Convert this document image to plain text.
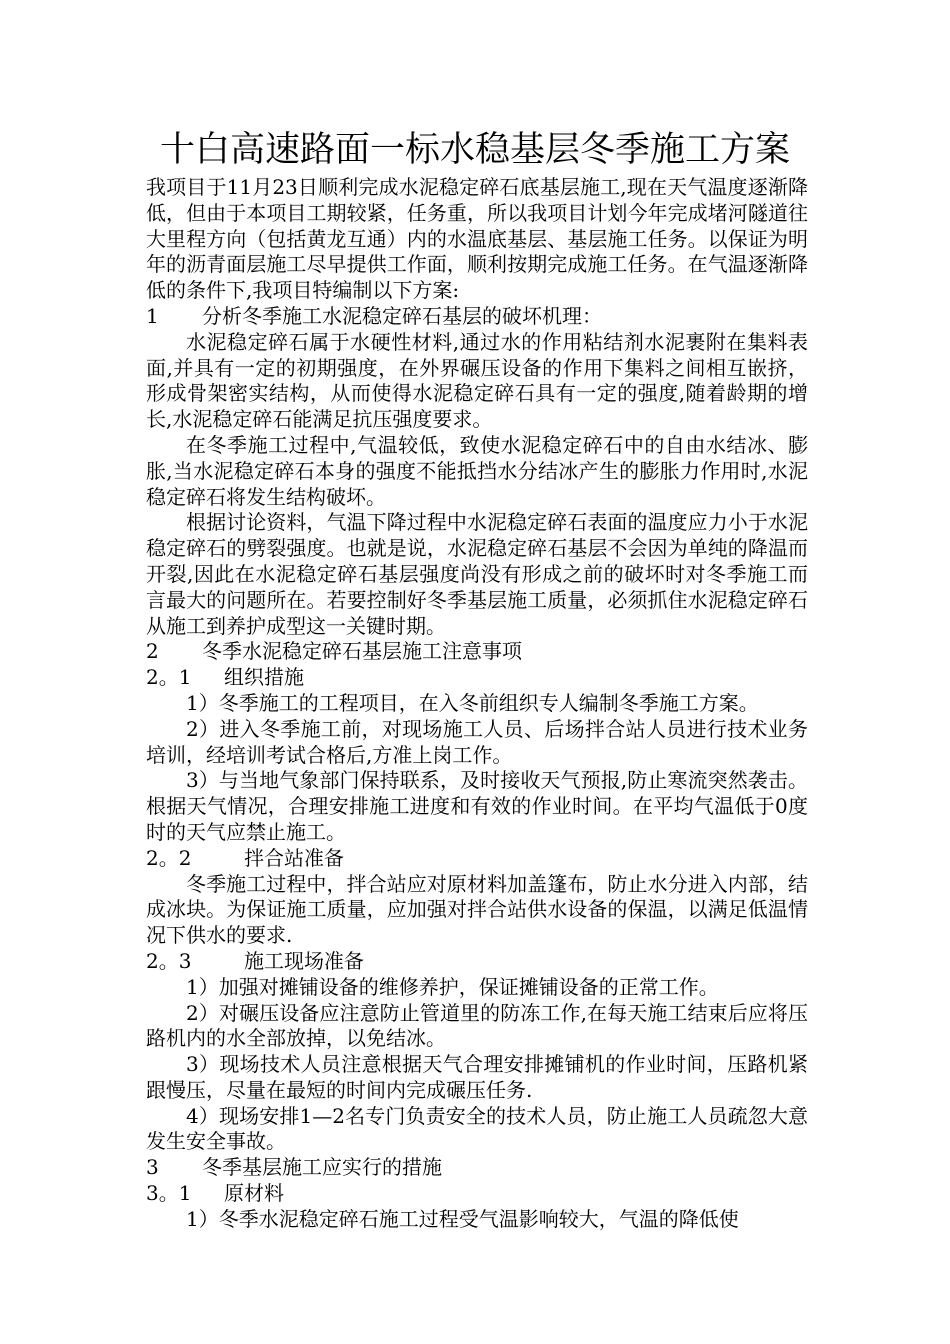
十白高速路面一标水稳基层冬季施工方案

我项目于11月23日顺利完成水泥稳定碎石底基层施工,现在天气温度逐渐降低，但由于本项目工期较紧，任务重，所以我项目计划今年完成堵河隧道往大里程方向（包括黄龙互通）内的水温底基层、基层施工任务。以保证为明年的沥青面层施工尽早提供工作面，顺利按期完成施工任务。在气温逐渐降低的条件下,我项目特编制以下方案:

1	分析冬季施工水泥稳定碎石基层的破坏机理：

水泥稳定碎石属于水硬性材料,通过水的作用粘结剂水泥裹附在集料表面,并具有一定的初期强度，在外界碾压设备的作用下集料之间相互嵌挤，形成骨架密实结构，从而使得水泥稳定碎石具有一定的强度,随着龄期的增长,水泥稳定碎石能满足抗压强度要求。

在冬季施工过程中,气温较低，致使水泥稳定碎石中的自由水结冰、膨胀,当水泥稳定碎石本身的强度不能抵挡水分结冰产生的膨胀力作用时,水泥稳定碎石将发生结构破坏。

根据讨论资料，气温下降过程中水泥稳定碎石表面的温度应力小于水泥稳定碎石的劈裂强度。也就是说，水泥稳定碎石基层不会因为单纯的降温而开裂,因此在水泥稳定碎石基层强度尚没有形成之前的破坏时对冬季施工而言最大的问题所在。若要控制好冬季基层施工质量，必须抓住水泥稳定碎石从施工到养护成型这一关键时期。

2	冬季水泥稳定碎石基层施工注意事项
2。1	组织措施

1）冬季施工的工程项目，在入冬前组织专人编制冬季施工方案。

2）进入冬季施工前，对现场施工人员、后场拌合站人员进行技术业务培训，经培训考试合格后,方准上岗工作。

3）与当地气象部门保持联系，及时接收天气预报,防止寒流突然袭击。根据天气情况，合理安排施工进度和有效的作业时间。在平均气温低于0度时的天气应禁止施工。

2。2	拌合站准备

冬季施工过程中，拌合站应对原材料加盖篷布，防止水分进入内部，结成冰块。为保证施工质量，应加强对拌合站供水设备的保温，以满足低温情况下供水的要求.

2。3	施工现场准备

1）加强对摊铺设备的维修养护，保证摊铺设备的正常工作。

2）对碾压设备应注意防止管道里的防冻工作,在每天施工结束后应将压路机内的水全部放掉，以免结冰。

3）现场技术人员注意根据天气合理安排摊铺机的作业时间，压路机紧跟慢压，尽量在最短的时间内完成碾压任务.

4）现场安排1—2名专门负责安全的技术人员，防止施工人员疏忽大意发生安全事故。

3	冬季基层施工应实行的措施
3。1	原材料

1）冬季水泥稳定碎石施工过程受气温影响较大，气温的降低使
